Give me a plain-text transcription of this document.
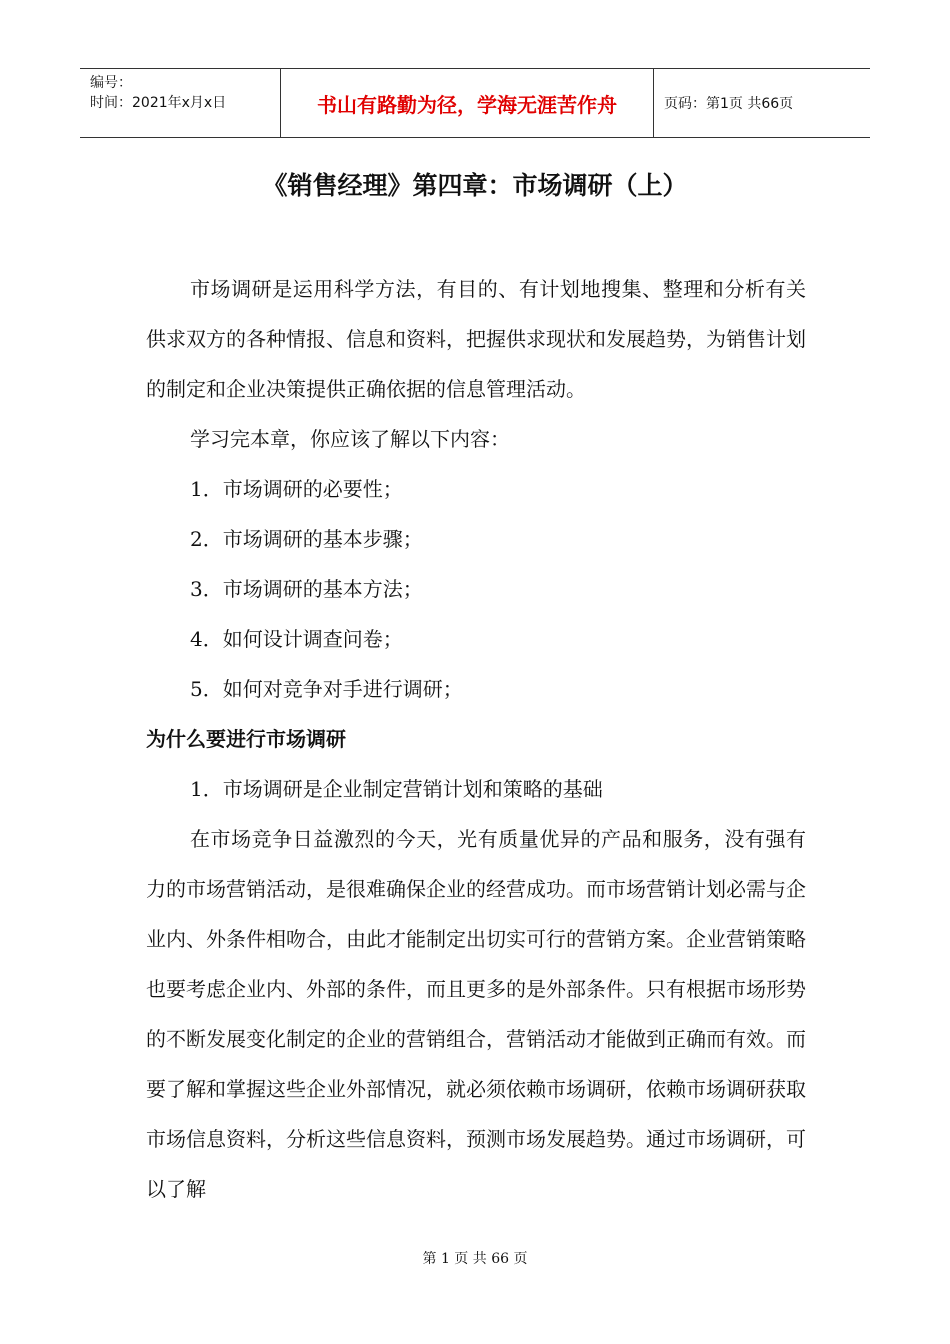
编号：
时间：2021年x月x日	书山有路勤为径，学海无涯苦作舟	页码：第1页 共66页
《销售经理》第四章：市场调研（上）

市场调研是运用科学方法，有目的、有计划地搜集、整理和分析有关供求双方的各种情报、信息和资料，把握供求现状和发展趋势，为销售计划的制定和企业决策提供正确依据的信息管理活动。

学习完本章，你应该了解以下内容：

1．市场调研的必要性；

2．市场调研的基本步骤；

3．市场调研的基本方法；

4．如何设计调查问卷；

5．如何对竞争对手进行调研；

为什么要进行市场调研

1．市场调研是企业制定营销计划和策略的基础

在市场竞争日益激烈的今天，光有质量优异的产品和服务，没有强有力的市场营销活动，是很难确保企业的经营成功。而市场营销计划必需与企业内、外条件相吻合，由此才能制定出切实可行的营销方案。企业营销策略也要考虑企业内、外部的条件，而且更多的是外部条件。只有根据市场形势的不断发展变化制定的企业的营销组合，营销活动才能做到正确而有效。而要了解和掌握这些企业外部情况，就必须依赖市场调研，依赖市场调研获取市场信息资料，分析这些信息资料，预测市场发展趋势。通过市场调研，可以了解

第 1 页 共 66 页
